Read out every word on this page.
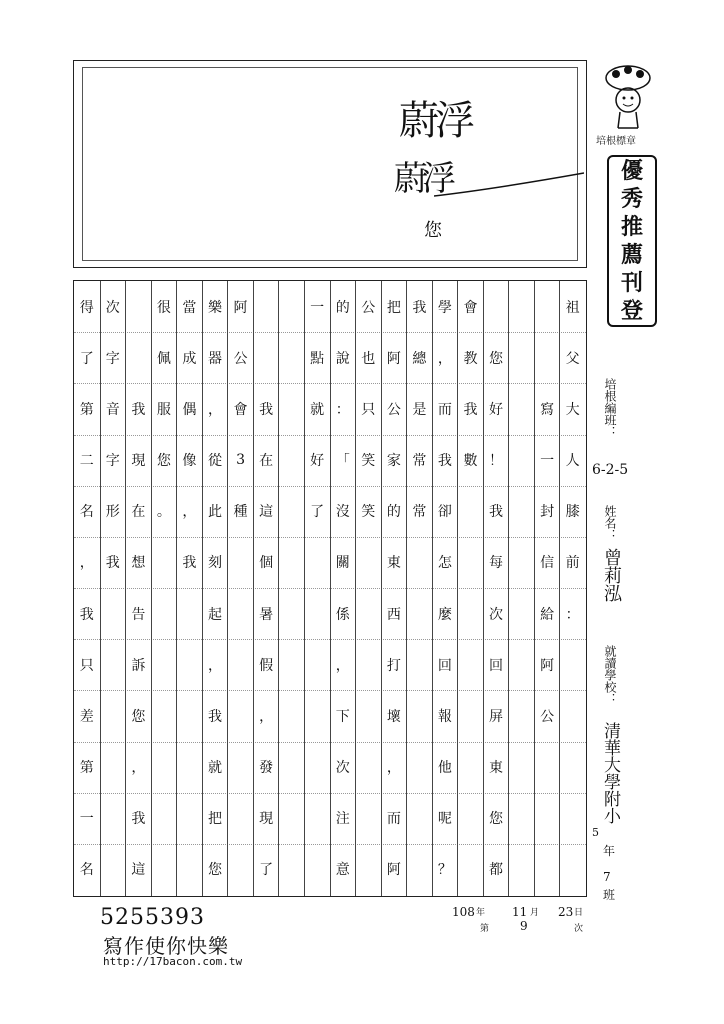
蔚浮
蔚浮
您
培根標章
優
秀
推
薦
刊
登
祖
父
大
人
膝
前
：
寫
一
封
信
給
阿
公
您
好
！
我
每
次
回
屏
東
您
都
會
教
我
數
學
，
而
我
卻
怎
麼
回
報
他
呢
？
我
總
是
常
常
把
阿
公
家
的
東
西
打
壞
，
而
阿
公
也
只
笑
笑
的
說
：
「
沒
關
係
，
下
次
注
意
一
點
就
好
了
我
在
這
個
暑
假
，
發
現
了
阿
公
會
3
種
樂
器
，
從
此
刻
起
，
我
就
把
您
當
成
偶
像
，
我
很
佩
服
您
。
我
現
在
想
告
訴
您
，
我
這
次
字
音
字
形
我
得
了
第
二
名
，
我
只
差
第
一
名
培根編班：
6-2-5
姓名：
曾莉泓
就讀學校：
清華大學附小
5
年
7
班
5255393
寫作使你快樂
http://17bacon.com.tw
108 年 11 月 23 日
第	9	次
